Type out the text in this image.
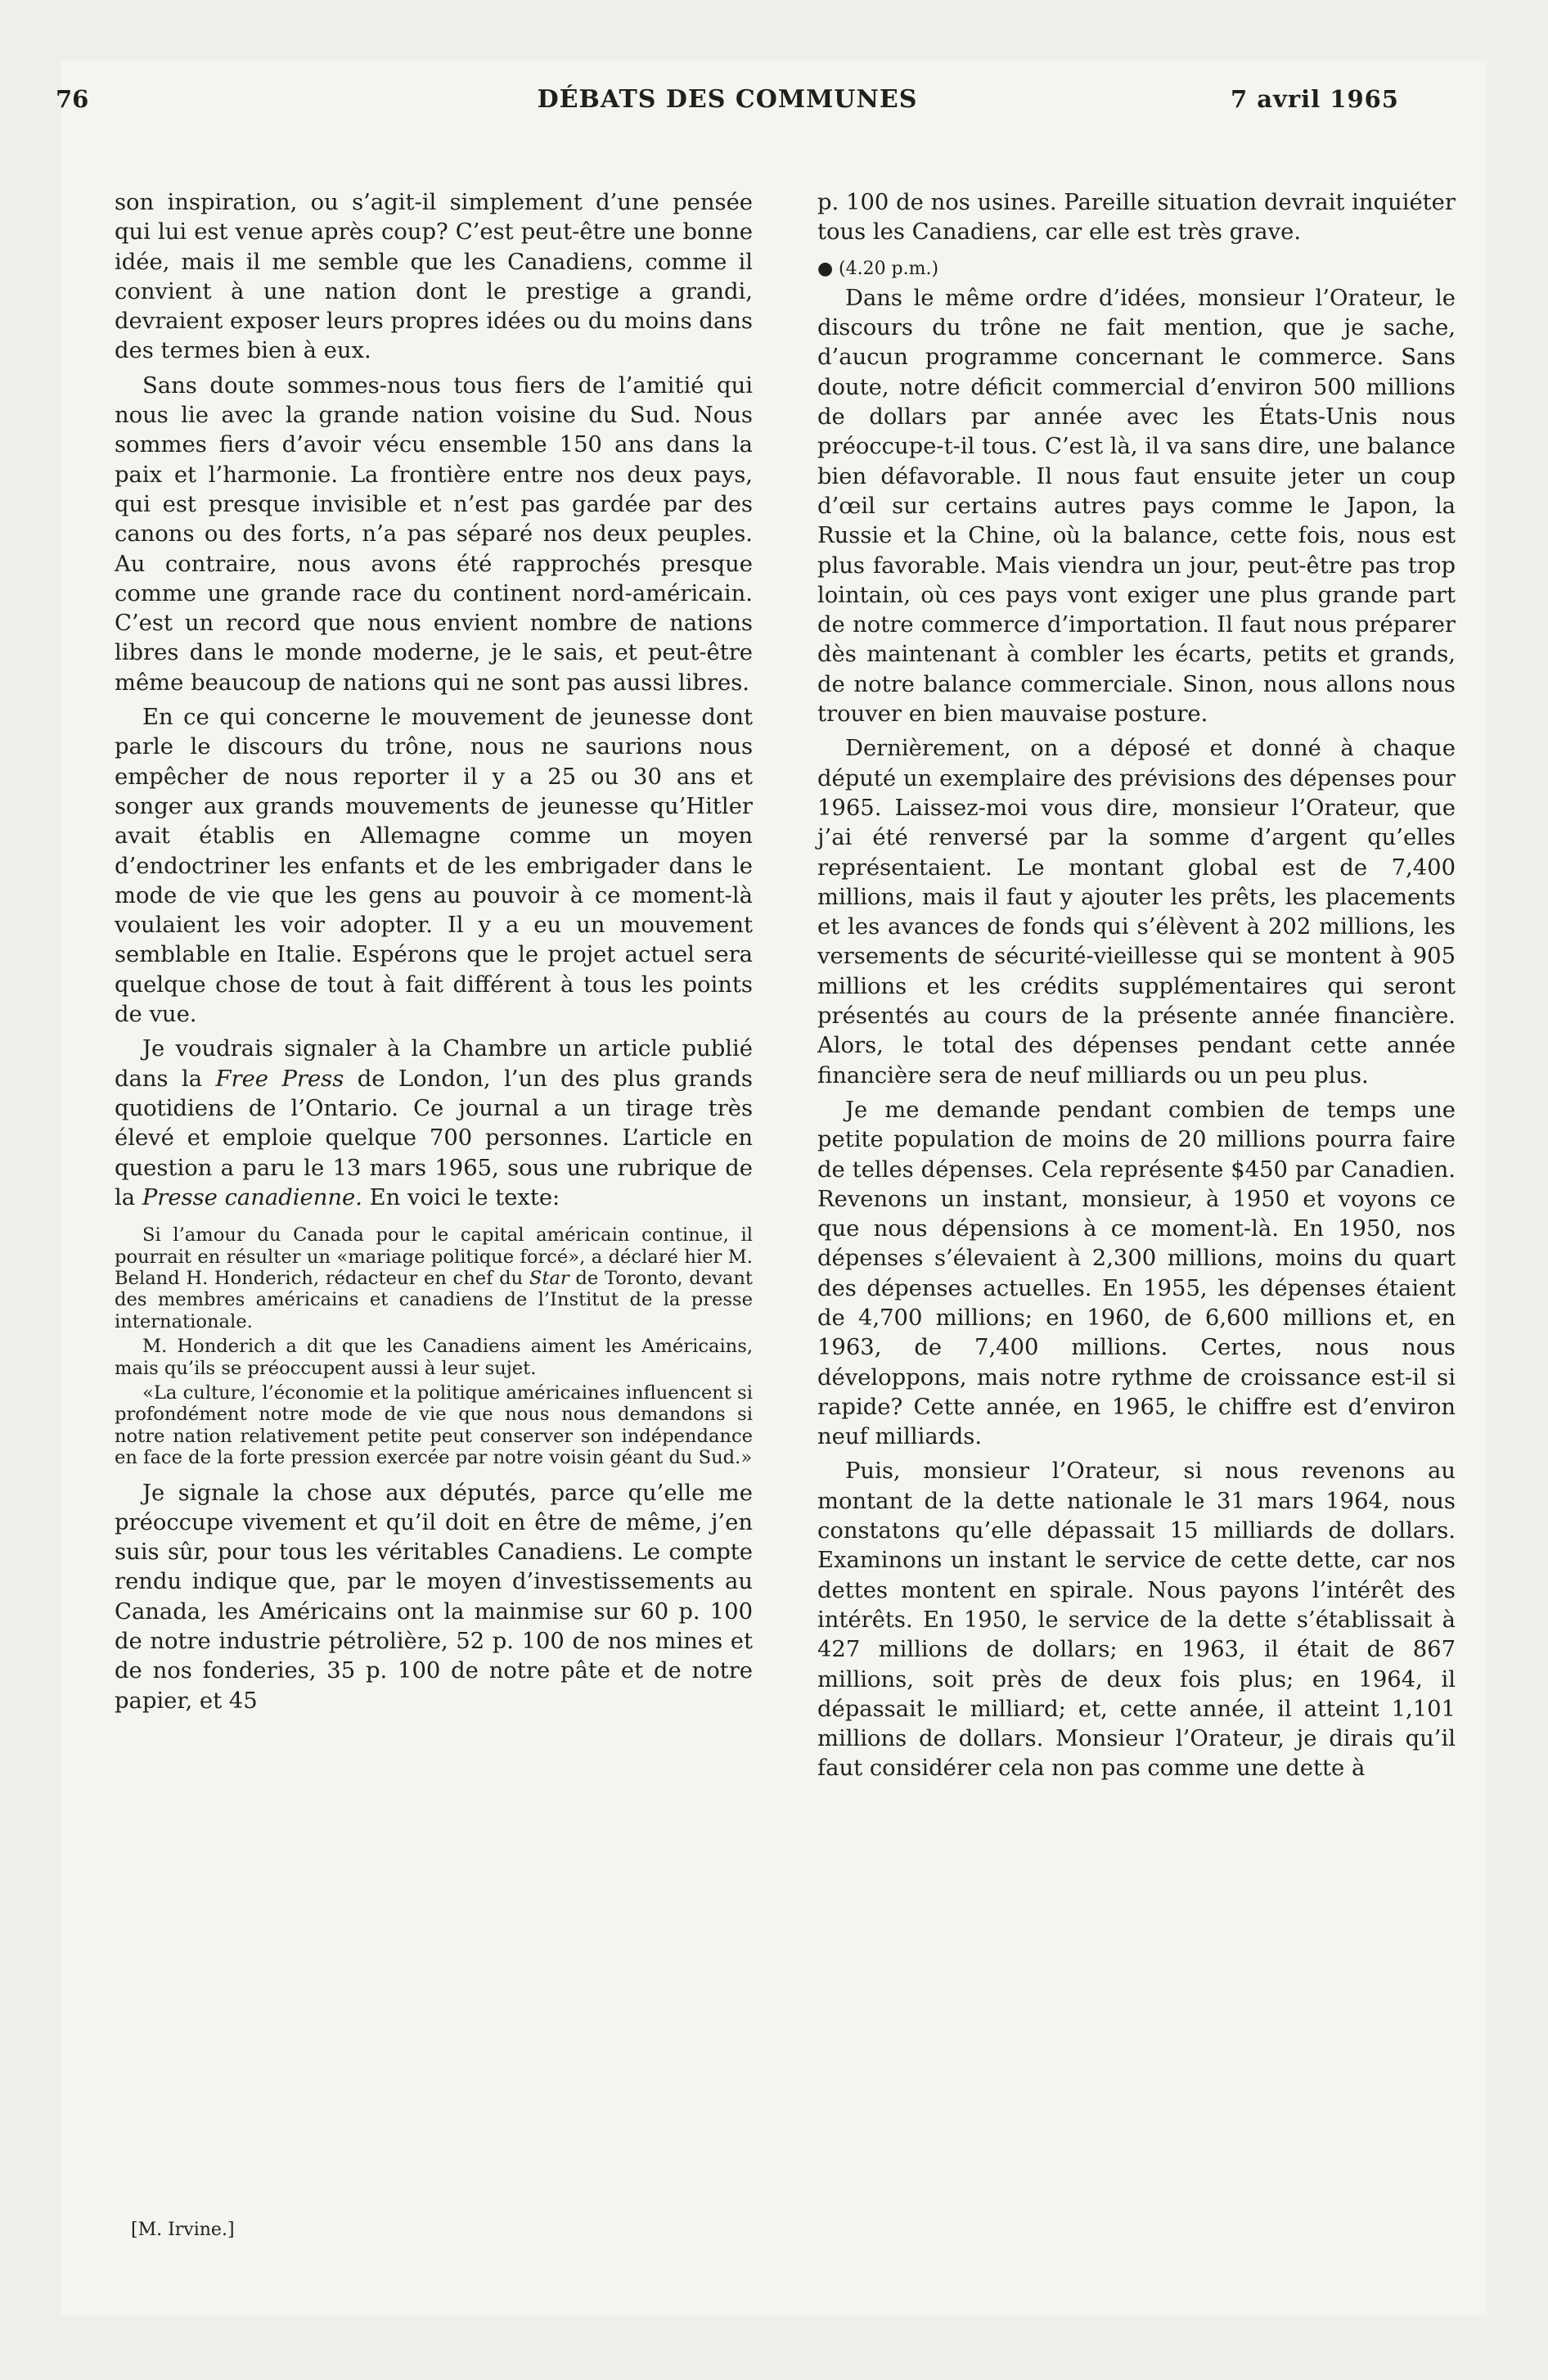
76	DÉBATS DES COMMUNES	7 avril 1965

son inspiration, ou s’agit-il simplement d’une pensée qui lui est venue après coup? C’est peut-être une bonne idée, mais il me semble que les Canadiens, comme il convient à une nation dont le prestige a grandi, devraient exposer leurs propres idées ou du moins dans des termes bien à eux.

Sans doute sommes-nous tous fiers de l’amitié qui nous lie avec la grande nation voisine du Sud. Nous sommes fiers d’avoir vécu ensemble 150 ans dans la paix et l’harmonie. La frontière entre nos deux pays, qui est presque invisible et n’est pas gardée par des canons ou des forts, n’a pas séparé nos deux peuples. Au contraire, nous avons été rapprochés presque comme une grande race du continent nord-américain. C’est un record que nous envient nombre de nations libres dans le monde moderne, je le sais, et peut-être même beaucoup de nations qui ne sont pas aussi libres.

En ce qui concerne le mouvement de jeunesse dont parle le discours du trône, nous ne saurions nous empêcher de nous reporter il y a 25 ou 30 ans et songer aux grands mouvements de jeunesse qu’Hitler avait établis en Allemagne comme un moyen d’endoctriner les enfants et de les embrigader dans le mode de vie que les gens au pouvoir à ce moment-là voulaient les voir adopter. Il y a eu un mouvement semblable en Italie. Espérons que le projet actuel sera quelque chose de tout à fait différent à tous les points de vue.

Je voudrais signaler à la Chambre un article publié dans la Free Press de London, l’un des plus grands quotidiens de l’Ontario. Ce journal a un tirage très élevé et emploie quelque 700 personnes. L’article en question a paru le 13 mars 1965, sous une rubrique de la Presse canadienne. En voici le texte:

Si l’amour du Canada pour le capital américain continue, il pourrait en résulter un «mariage politique forcé», a déclaré hier M. Beland H. Honderich, rédacteur en chef du Star de Toronto, devant des membres américains et canadiens de l’Institut de la presse internationale.

M. Honderich a dit que les Canadiens aiment les Américains, mais qu’ils se préoccupent aussi à leur sujet.

«La culture, l’économie et la politique américaines influencent si profondément notre mode de vie que nous nous demandons si notre nation relativement petite peut conserver son indépendance en face de la forte pression exercée par notre voisin géant du Sud.»

Je signale la chose aux députés, parce qu’elle me préoccupe vivement et qu’il doit en être de même, j’en suis sûr, pour tous les véritables Canadiens. Le compte rendu indique que, par le moyen d’investissements au Canada, les Américains ont la mainmise sur 60 p. 100 de notre industrie pétrolière, 52 p. 100 de nos mines et de nos fonderies, 35 p. 100 de notre pâte et de notre papier, et 45

p. 100 de nos usines. Pareille situation devrait inquiéter tous les Canadiens, car elle est très grave.

● (4.20 p.m.)

Dans le même ordre d’idées, monsieur l’Orateur, le discours du trône ne fait mention, que je sache, d’aucun programme concernant le commerce. Sans doute, notre déficit commercial d’environ 500 millions de dollars par année avec les États-Unis nous préoccupe-t-il tous. C’est là, il va sans dire, une balance bien défavorable. Il nous faut ensuite jeter un coup d’œil sur certains autres pays comme le Japon, la Russie et la Chine, où la balance, cette fois, nous est plus favorable. Mais viendra un jour, peut-être pas trop lointain, où ces pays vont exiger une plus grande part de notre commerce d’importation. Il faut nous préparer dès maintenant à combler les écarts, petits et grands, de notre balance commerciale. Sinon, nous allons nous trouver en bien mauvaise posture.

Dernièrement, on a déposé et donné à chaque député un exemplaire des prévisions des dépenses pour 1965. Laissez-moi vous dire, monsieur l’Orateur, que j’ai été renversé par la somme d’argent qu’elles représentaient. Le montant global est de 7,400 millions, mais il faut y ajouter les prêts, les placements et les avances de fonds qui s’élèvent à 202 millions, les versements de sécurité-vieillesse qui se montent à 905 millions et les crédits supplémentaires qui seront présentés au cours de la présente année financière. Alors, le total des dépenses pendant cette année financière sera de neuf milliards ou un peu plus.

Je me demande pendant combien de temps une petite population de moins de 20 millions pourra faire de telles dépenses. Cela représente $450 par Canadien. Revenons un instant, monsieur, à 1950 et voyons ce que nous dépensions à ce moment-là. En 1950, nos dépenses s’élevaient à 2,300 millions, moins du quart des dépenses actuelles. En 1955, les dépenses étaient de 4,700 millions; en 1960, de 6,600 millions et, en 1963, de 7,400 millions. Certes, nous nous développons, mais notre rythme de croissance est-il si rapide? Cette année, en 1965, le chiffre est d’environ neuf milliards.

Puis, monsieur l’Orateur, si nous revenons au montant de la dette nationale le 31 mars 1964, nous constatons qu’elle dépassait 15 milliards de dollars. Examinons un instant le service de cette dette, car nos dettes montent en spirale. Nous payons l’intérêt des intérêts. En 1950, le service de la dette s’établissait à 427 millions de dollars; en 1963, il était de 867 millions, soit près de deux fois plus; en 1964, il dépassait le milliard; et, cette année, il atteint 1,101 millions de dollars. Monsieur l’Orateur, je dirais qu’il faut considérer cela non pas comme une dette à

[M. Irvine.]
